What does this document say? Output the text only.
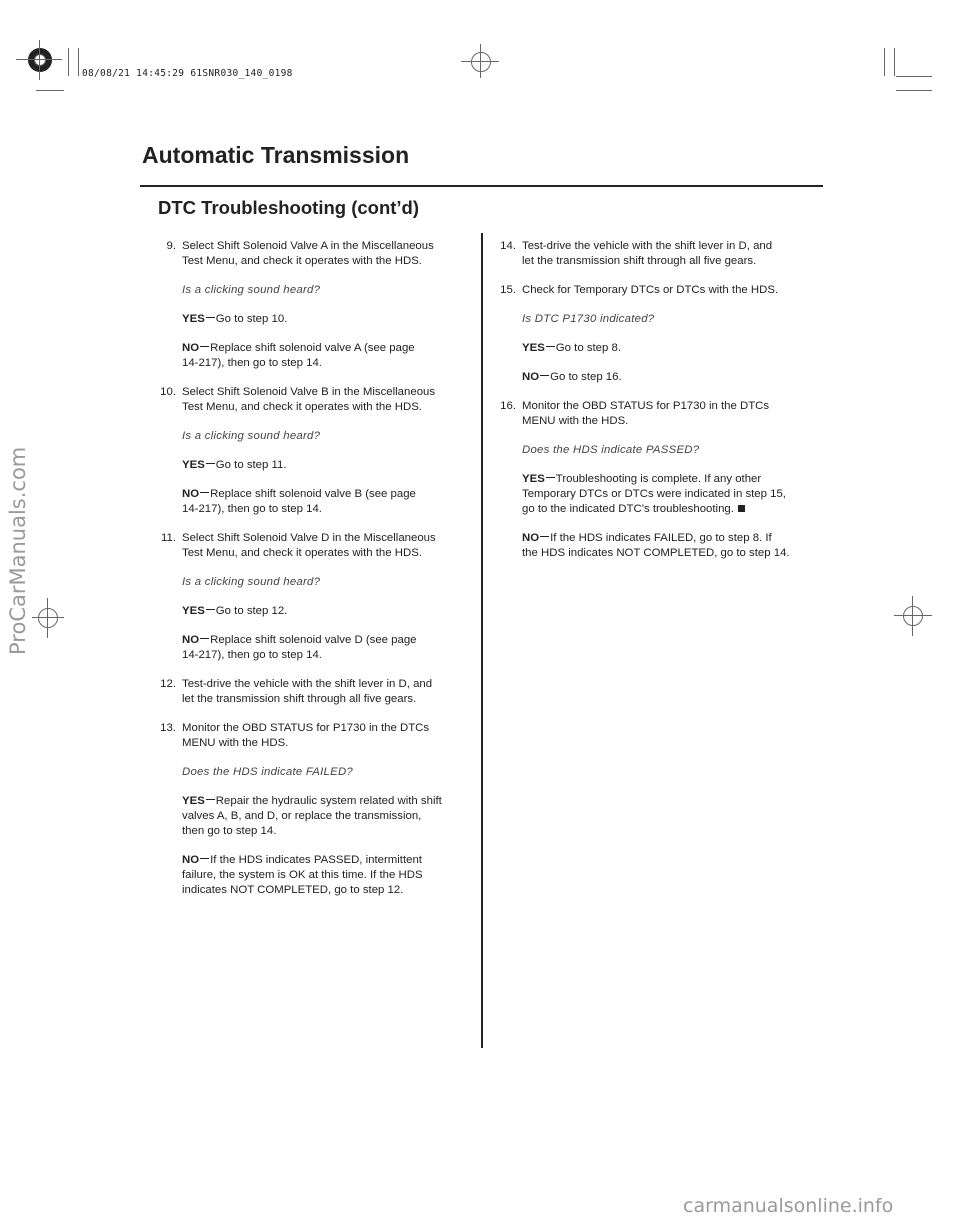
08/08/21 14:45:29 61SNR030_140_0198
ProCarManuals.com
carmanualsonline.info
Automatic Transmission
DTC Troubleshooting (cont’d)
9. Select Shift Solenoid Valve A in the Miscellaneous
Test Menu, and check it operates with the HDS.
Is a clicking sound heard?
YES Go to step 10.
NO Replace shift solenoid valve A (see page
14-217), then go to step 14.
10. Select Shift Solenoid Valve B in the Miscellaneous
Test Menu, and check it operates with the HDS.
Is a clicking sound heard?
YES Go to step 11.
NO Replace shift solenoid valve B (see page
14-217), then go to step 14.
11. Select Shift Solenoid Valve D in the Miscellaneous
Test Menu, and check it operates with the HDS.
Is a clicking sound heard?
YES Go to step 12.
NO Replace shift solenoid valve D (see page
14-217), then go to step 14.
12. Test-drive the vehicle with the shift lever in D, and
let the transmission shift through all five gears.
13. Monitor the OBD STATUS for P1730 in the DTCs
MENU with the HDS.
Does the HDS indicate FAILED?
YES Repair the hydraulic system related with shift
valves A, B, and D, or replace the transmission,
then go to step 14.
NO If the HDS indicates PASSED, intermittent
failure, the system is OK at this time. If the HDS
indicates NOT COMPLETED, go to step 12.
14. Test-drive the vehicle with the shift lever in D, and
let the transmission shift through all five gears.
15. Check for Temporary DTCs or DTCs with the HDS.
Is DTC P1730 indicated?
YES Go to step 8.
NO Go to step 16.
16. Monitor the OBD STATUS for P1730 in the DTCs
MENU with the HDS.
Does the HDS indicate PASSED?
YES Troubleshooting is complete. If any other
Temporary DTCs or DTCs were indicated in step 15,
go to the indicated DTC’s troubleshooting.
NO If the HDS indicates FAILED, go to step 8. If
the HDS indicates NOT COMPLETED, go to step 14.
